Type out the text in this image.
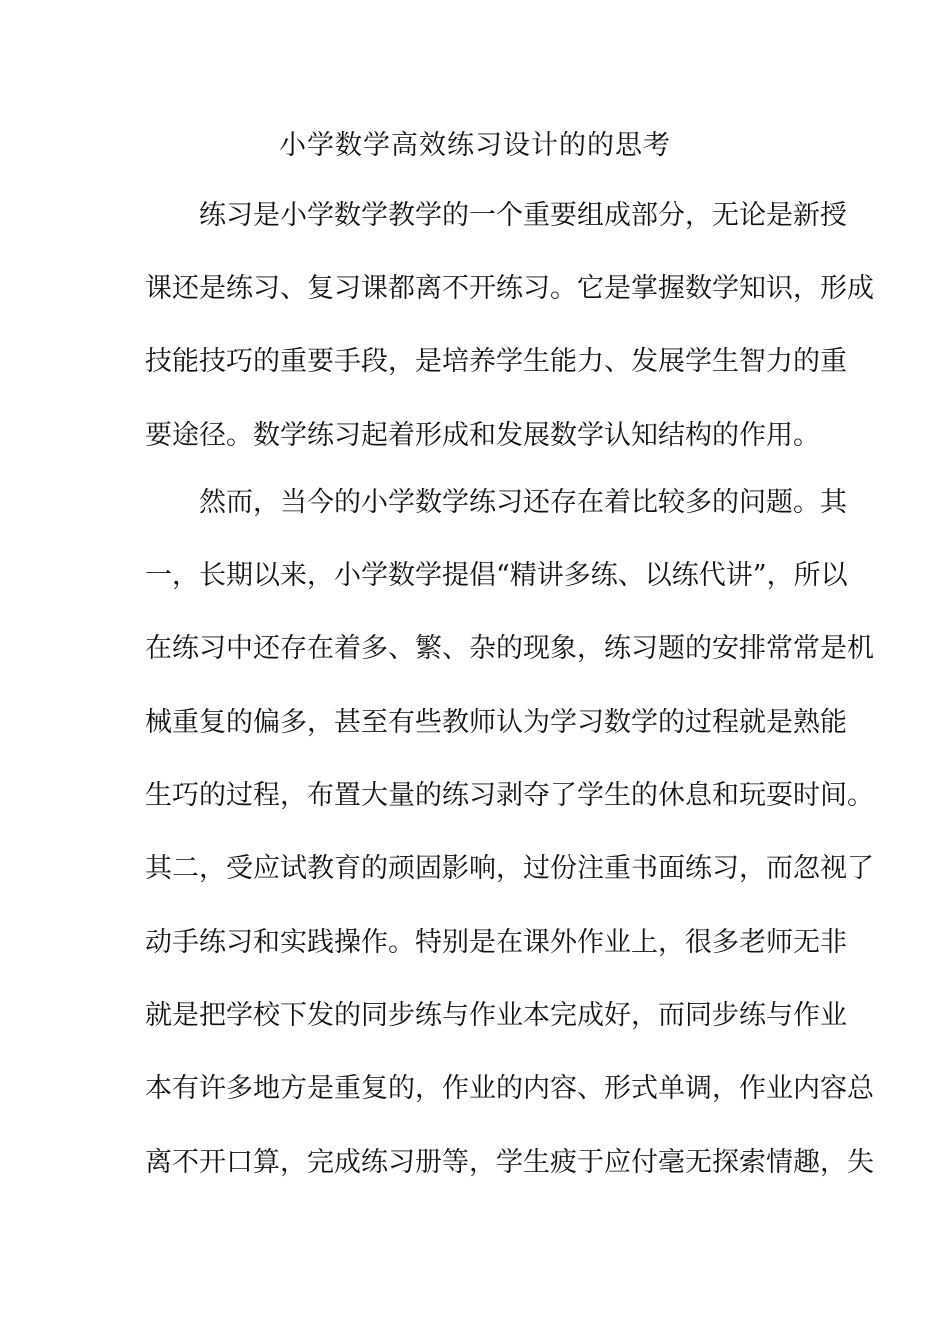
小学数学高效练习设计的的思考
练习是小学数学教学的一个重要组成部分，无论是新授
课还是练习、复习课都离不开练习。它是掌握数学知识，形成
技能技巧的重要手段，是培养学生能力、发展学生智力的重
要途径。数学练习起着形成和发展数学认知结构的作用。
然而，当今的小学数学练习还存在着比较多的问题。其
一，长期以来，小学数学提倡“精讲多练、以练代讲”，所以
在练习中还存在着多、繁、杂的现象，练习题的安排常常是机
械重复的偏多，甚至有些教师认为学习数学的过程就是熟能
生巧的过程，布置大量的练习剥夺了学生的休息和玩耍时间。
其二，受应试教育的顽固影响，过份注重书面练习，而忽视了
动手练习和实践操作。特别是在课外作业上，很多老师无非
就是把学校下发的同步练与作业本完成好，而同步练与作业
本有许多地方是重复的，作业的内容、形式单调，作业内容总
离不开口算，完成练习册等，学生疲于应付毫无探索情趣，失
